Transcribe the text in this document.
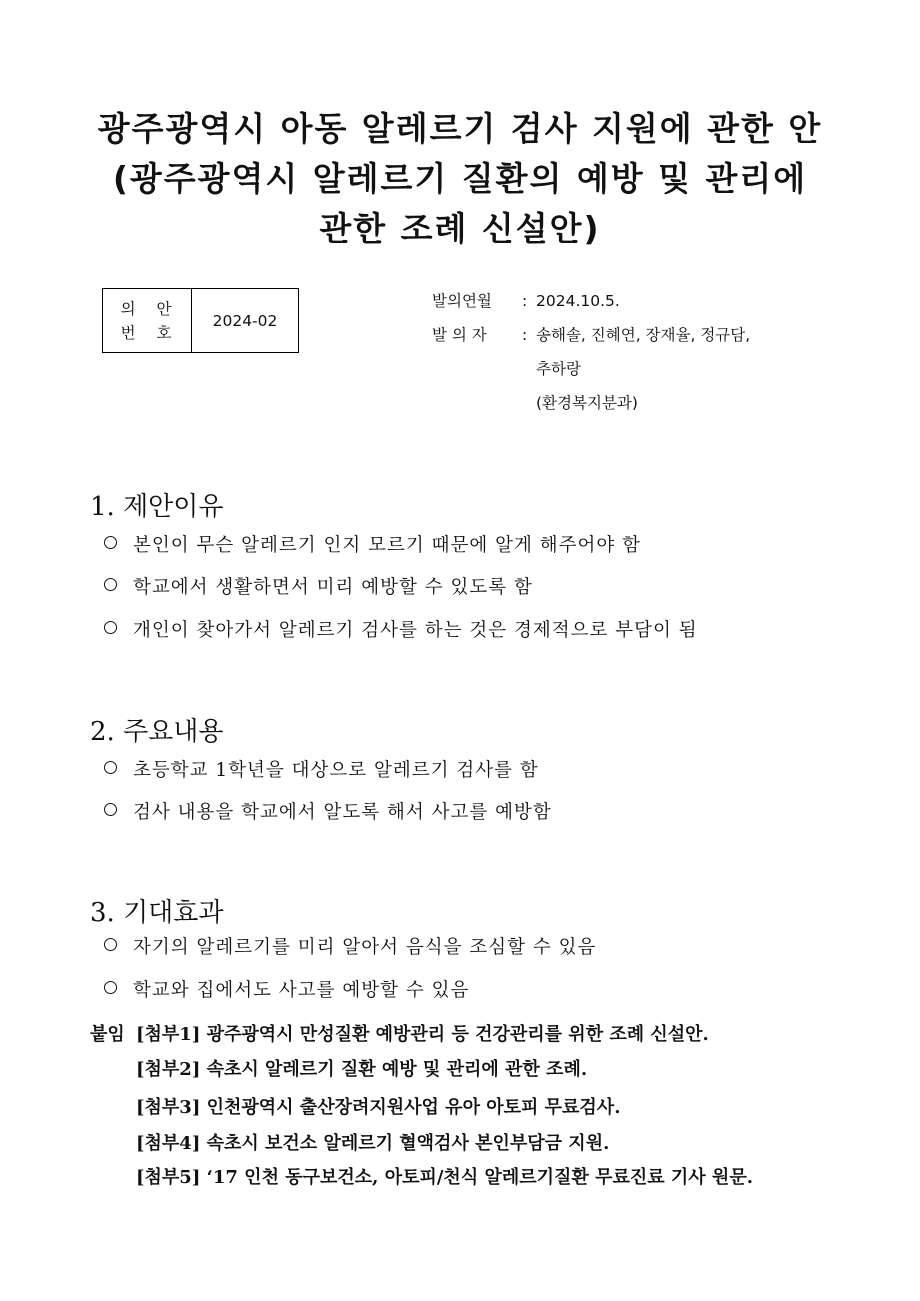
광주광역시 아동 알레르기 검사 지원에 관한 안
(광주광역시 알레르기 질환의 예방 및 관리에
관한 조례 신설안)
의 안
번 호
	2024-02
발의연월 : 2024.10.5.
발 의 자 : 송해솔, 진혜연, 장재율, 정규담,
추하랑
(환경복지분과)
1. 제안이유
본인이 무슨 알레르기 인지 모르기 때문에 알게 해주어야 함
학교에서 생활하면서 미리 예방할 수 있도록 함
개인이 찾아가서 알레르기 검사를 하는 것은 경제적으로 부담이 됨
2. 주요내용
초등학교 1학년을 대상으로 알레르기 검사를 함
검사 내용을 학교에서 알도록 해서 사고를 예방함
3. 기대효과
자기의 알레르기를 미리 알아서 음식을 조심할 수 있음
학교와 집에서도 사고를 예방할 수 있음
붙임 [첨부1] 광주광역시 만성질환 예방관리 등 건강관리를 위한 조례 신설안.
[첨부2] 속초시 알레르기 질환 예방 및 관리에 관한 조례.
[첨부3] 인천광역시 출산장려지원사업 유아 아토피 무료검사.
[첨부4] 속초시 보건소 알레르기 혈액검사 본인부담금 지원.
[첨부5] ‘17 인천 동구보건소, 아토피/천식 알레르기질환 무료진료 기사 원문.
